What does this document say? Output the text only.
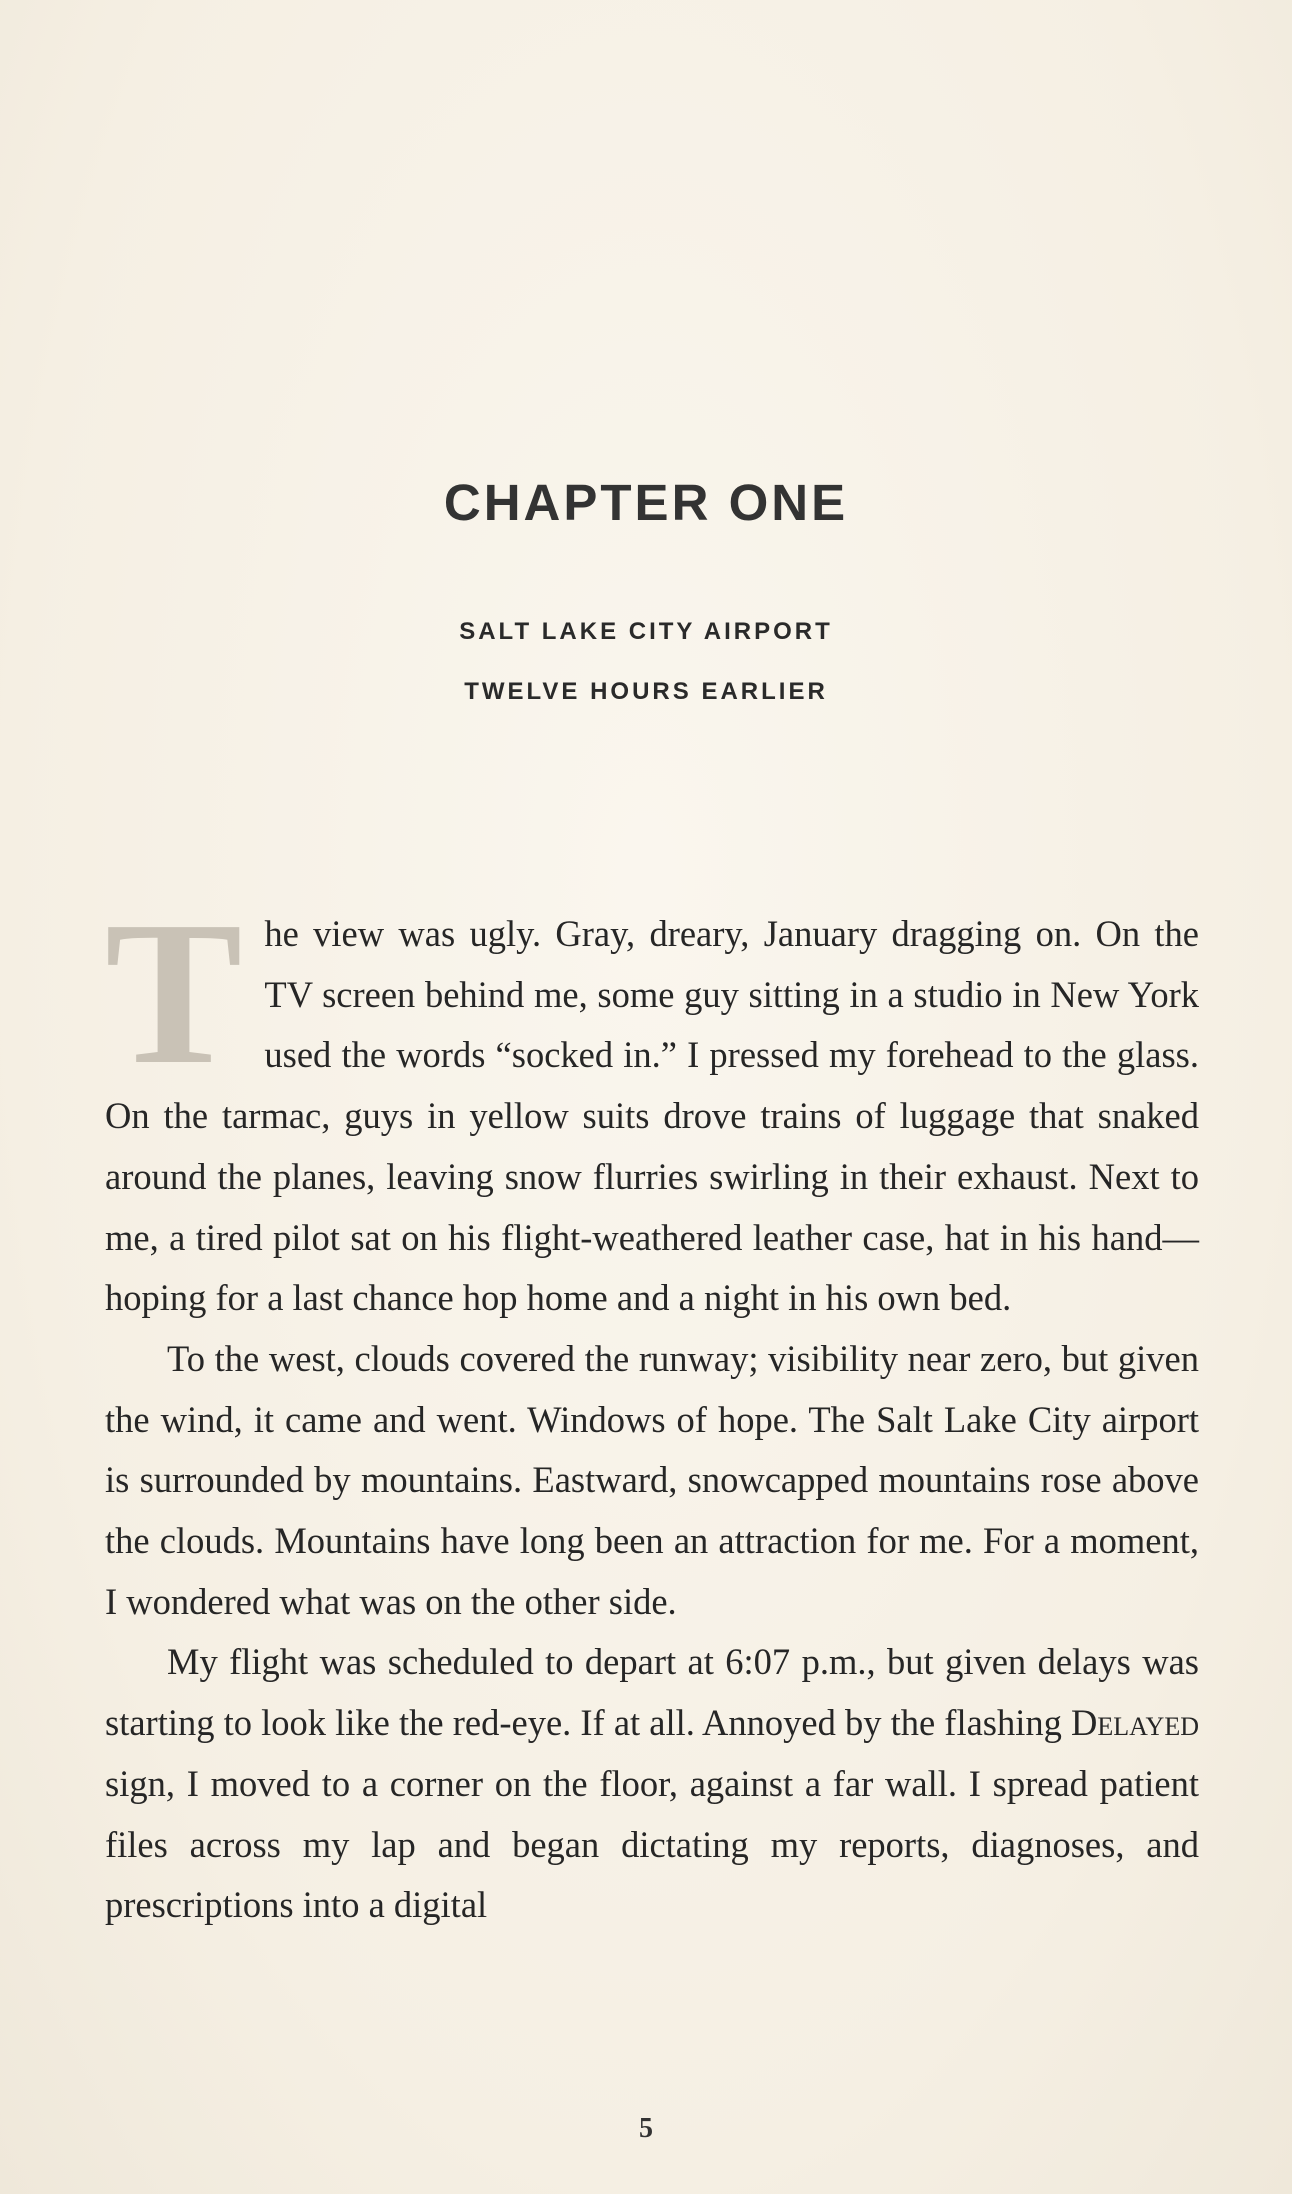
CHAPTER ONE
SALT LAKE CITY AIRPORT
TWELVE HOURS EARLIER

The view was ugly. Gray, dreary, January dragging on. On the TV screen behind me, some guy sitting in a studio in New York used the words “socked in.” I pressed my forehead to the glass. On the tarmac, guys in yellow suits drove trains of luggage that snaked around the planes, leaving snow flurries swirling in their exhaust. Next to me, a tired pilot sat on his flight-weathered leather case, hat in his hand—hoping for a last chance hop home and a night in his own bed.

To the west, clouds covered the runway; visibility near zero, but given the wind, it came and went. Windows of hope. The Salt Lake City airport is surrounded by mountains. Eastward, snowcapped mountains rose above the clouds. Mountains have long been an attraction for me. For a moment, I wondered what was on the other side.

My flight was scheduled to depart at 6:07 p.m., but given delays was starting to look like the red-eye. If at all. Annoyed by the flashing Delayed sign, I moved to a corner on the floor, against a far wall. I spread patient files across my lap and began dictating my reports, diagnoses, and prescriptions into a digital

5
